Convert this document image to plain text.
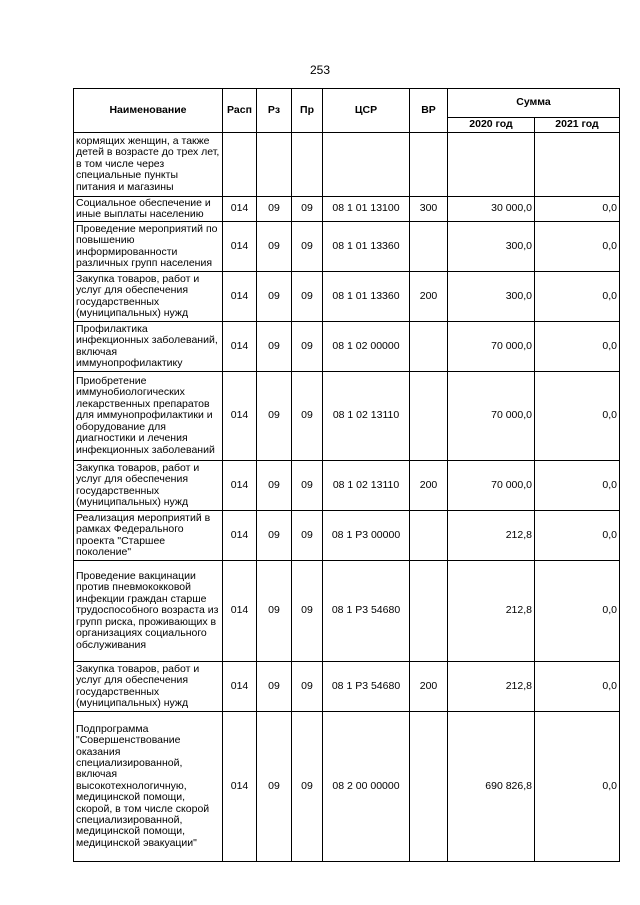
253
Наименование	Расп	Рз	Пр	ЦСР	ВР	Сумма	
						2020 год	2021 год
кормящих женщин, а также детей в возрасте до трех лет, в том числе через специальные пункты питания и магазины							
Социальное обеспечение и иные выплаты населению	014	09	09	08 1 01 13100	300	30 000,0	0,0
Проведение мероприятий по повышению информированности различных групп населения	014	09	09	08 1 01 13360		300,0	0,0
Закупка товаров, работ и услуг для обеспечения государственных (муниципальных) нужд	014	09	09	08 1 01 13360	200	300,0	0,0
Профилактика инфекционных заболеваний, включая иммунопрофилактику	014	09	09	08 1 02 00000		70 000,0	0,0
Приобретение иммунобиологических лекарственных препаратов для иммунопрофилактики и оборудование для диагностики и лечения инфекционных заболеваний	014	09	09	08 1 02 13110		70 000,0	0,0
Закупка товаров, работ и услуг для обеспечения государственных (муниципальных) нужд	014	09	09	08 1 02 13110	200	70 000,0	0,0
Реализация мероприятий в рамках Федерального проекта "Старшее поколение"	014	09	09	08 1 P3 00000		212,8	0,0
Проведение вакцинации против пневмококковой инфекции граждан старше трудоспособного возраста из групп риска, проживающих в организациях социального обслуживания	014	09	09	08 1 P3 54680		212,8	0,0
Закупка товаров, работ и услуг для обеспечения государственных (муниципальных) нужд	014	09	09	08 1 P3 54680	200	212,8	0,0
Подпрограмма "Совершенствование оказания специализированной, включая высокотехнологичную, медицинской помощи, скорой, в том числе скорой специализированной, медицинской помощи, медицинской эвакуации"	014	09	09	08 2 00 00000		690 826,8	0,0
